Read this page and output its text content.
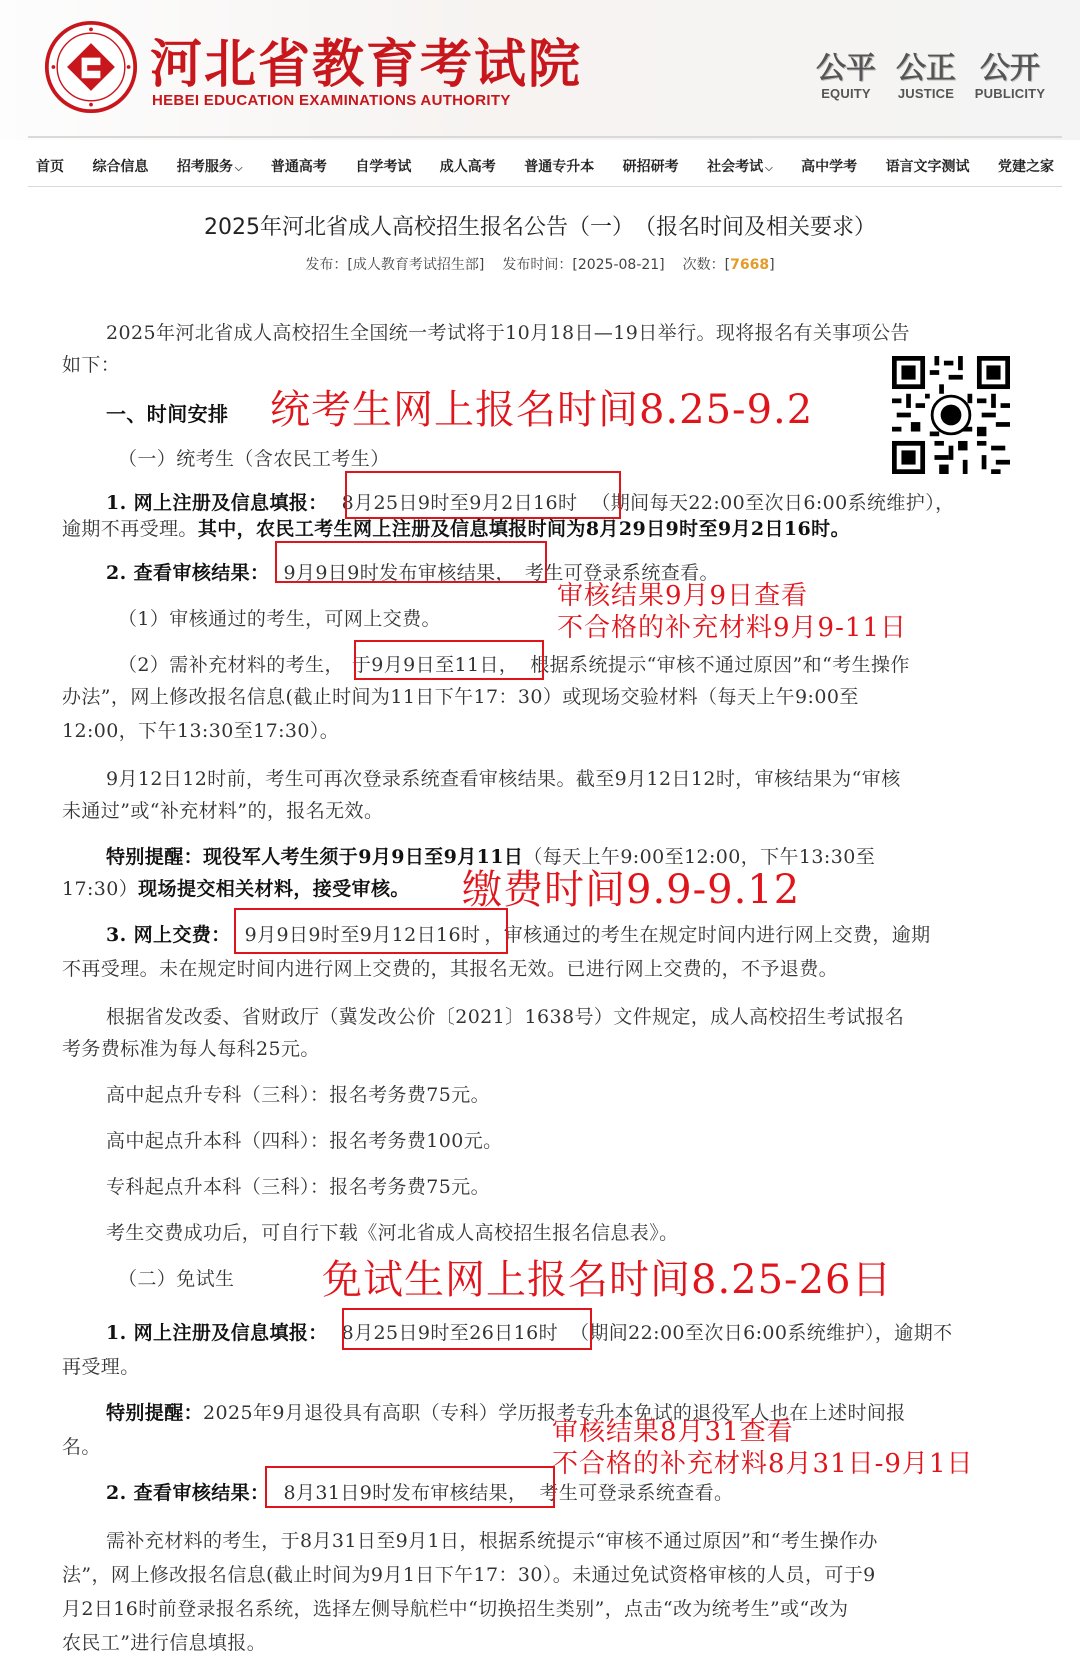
河北省教育考试院
HEBEI EDUCATION EXAMINATIONS AUTHORITY
公平
EQUITY
公正
JUSTICE
公开
PUBLICITY
首页 综合信息 招考服务 ⌵ 普通高考 自学考试 成人高考 普通专升本 研招研考 社会考试 ⌵ 高中学考 语言文字测试 党建之家
2025年河北省成人高校招生报名公告（一）　（报名时间及相关要求）
发布：[成人教育考试招生部] 发布时间：[2025-08-21] 次数：[7668]
2025年河北省成人高校招生全国统一考试将于10月18日—19日举行。现将报名有关事项公告
如下：
一、时间安排 统考生网上报名时间8.25-9.2
（一）统考生（含农民工考生）
1. 网上注册及信息填报： 8月25日9时至9月2日16时 （期间每天22:00至次日6:00系统维护），
逾期不再受理。其中，农民工考生网上注册及信息填报时间为8月29日9时至9月2日16时。
2. 查看审核结果： 9月9日9时发布审核结果， 考生可登录系统查看。
审核结果9月9日查看
不合格的补充材料9月9-11日
（1）审核通过的考生，可网上交费。
（2）需补充材料的考生， 于9月9日至11日， 根据系统提示“审核不通过原因”和“考生操作
办法”，网上修改报名信息(截止时间为11日下午17：30）或现场交验材料（每天上午9:00至
12:00，下午13:30至17:30）。
9月12日12时前，考生可再次登录系统查看审核结果。截至9月12日12时，审核结果为“审核
未通过”或“补充材料”的，报名无效。
特别提醒：现役军人考生须于9月9日至9月11日（每天上午9:00至12:00，下午13:30至
17:30）现场提交相关材料，接受审核。 缴费时间9.9-9.12
3. 网上交费： 9月9日9时至9月12日16时 ，审核通过的考生在规定时间内进行网上交费，逾期
不再受理。未在规定时间内进行网上交费的，其报名无效。已进行网上交费的，不予退费。
根据省发改委、省财政厅（冀发改公价〔2021〕1638号）文件规定，成人高校招生考试报名
考务费标准为每人每科25元。
高中起点升专科（三科）：报名考务费75元。
高中起点升本科（四科）：报名考务费100元。
专科起点升本科（三科）：报名考务费75元。
考生交费成功后，可自行下载《河北省成人高校招生报名信息表》。
（二）免试生 免试生网上报名时间8.25-26日
1. 网上注册及信息填报： 8月25日9时至26日16时 （期间22:00至次日6:00系统维护），逾期不
再受理。
特别提醒：2025年9月退役具有高职（专科）学历报考专升本免试的退役军人也在上述时间报
名。	审核结果8月31查看
不合格的补充材料8月31日-9月1日
2. 查看审核结果： 8月31日9时发布审核结果， 考生可登录系统查看。
需补充材料的考生，于8月31日至9月1日，根据系统提示“审核不通过原因”和“考生操作办
法”，网上修改报名信息(截止时间为9月1日下午17：30）。未通过免试资格审核的人员，可于9
月2日16时前登录报名系统，选择左侧导航栏中“切换招生类别”，点击“改为统考生”或“改为
农民工”进行信息填报。
